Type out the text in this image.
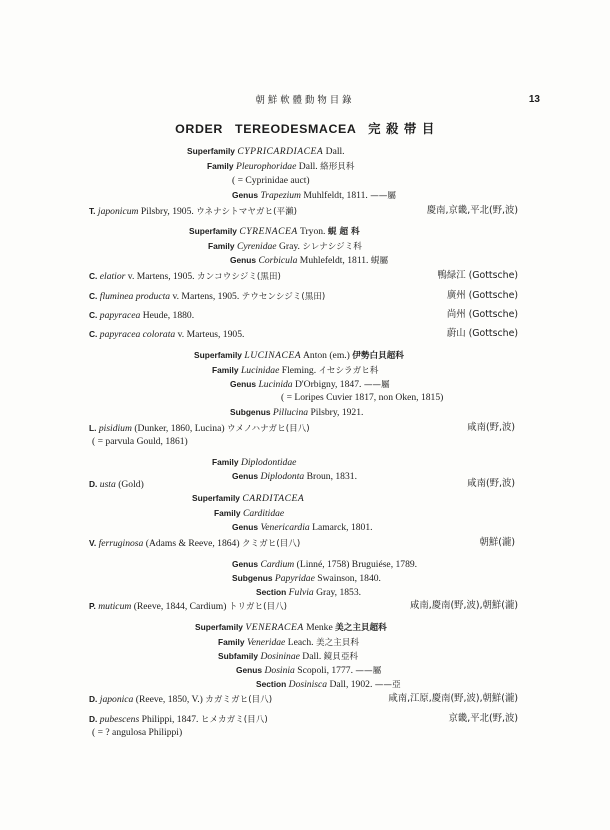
朝鮮軟體動物目錄	13
ORDER TEREODESMACEA 完 殺 帯 目
Superfamily CYPRICARDIACEA Dall.
Family Pleurophoridae Dall. 絡形貝科
( = Cyprinidae auct)
Genus Trapezium Muhlfeldt, 1811. ——屬
T. japonicum Pilsbry, 1905. ウネナシトマヤガヒ(平瀨)	慶南,京畿,平北(野,波)
Superfamily CYRENACEA Tryon. 蜆 超 科
Family Cyrenidae Gray. シレナシジミ科
Genus Corbicula Muhlefeldt, 1811. 蜆屬
C. elatior v. Martens, 1905. カンコウシジミ(黒田)	鴨緑江 (Gottsche)
C. fluminea producta v. Martens, 1905. テウセンシジミ(黒田)	廣州 (Gottsche)
C. papyracea Heude, 1880.	尚州 (Gottsche)
C. papyracea colorata v. Marteus, 1905.	蔚山 (Gottsche)
Superfamily LUCINACEA Anton (em.) 伊勢白貝超科
Family Lucinidae Fleming. イセシラガヒ科
Genus Lucinida D'Orbigny, 1847. ——屬
( = Loripes Cuvier 1817, non Oken, 1815)
Subgenus Pillucina Pilsbry, 1921.
L. pisidium (Dunker, 1860, Lucina) ウメノハナガヒ(目八)	咸南(野,波)
( = parvula Gould, 1861)
Family Diplodontidae
Genus Diplodonta Broun, 1831.
D. usta (Gold)	咸南(野,波)
Superfamily CARDITACEA
Family Carditidae
Genus Venericardia Lamarck, 1801.
V. ferruginosa (Adams & Reeve, 1864) クミガヒ(目八)	朝鮮(瀧)
Genus Cardium (Linné, 1758) Bruguiése, 1789.
Subgenus Papyridae Swainson, 1840.
Section Fulvia Gray, 1853.
P. muticum (Reeve, 1844, Cardium) トリガヒ(目八)	咸南,慶南(野,波),朝鮮(瀧)
Superfamily VENERACEA Menke 美之主貝超科
Family Veneridae Leach. 美之主貝科
Subfamily Dosininae Dall. 鏡貝亞科
Genus Dosinia Scopoli, 1777. ——屬
Section Dosinisca Dall, 1902. ——亞
D. japonica (Reeve, 1850, V.) カガミガヒ(目八)	咸南,江原,慶南(野,波),朝鮮(瀧)
D. pubescens Philippi, 1847. ヒメカガミ(目八)	京畿,平北(野,波)
( = ? angulosa Philippi)
